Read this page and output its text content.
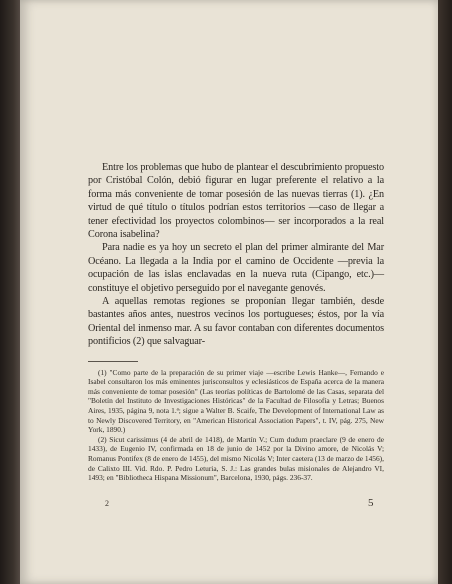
Entre los problemas que hubo de plantear el descubrimiento propuesto por Cristóbal Colón, debió figurar en lugar preferente el relativo a la forma más conveniente de tomar posesión de las nuevas tierras (1). ¿En virtud de qué título o títulos podrían estos territorios —caso de llegar a tener efectividad los proyectos colombinos— ser incorporados a la real Corona isabelina?

Para nadie es ya hoy un secreto el plan del primer almirante del Mar Océano. La llegada a la India por el camino de Occidente —previa la ocupación de las islas enclavadas en la nueva ruta (Cipango, etc.)— constituye el objetivo perseguido por el navegante genovés.

A aquellas remotas regiones se proponían llegar también, desde bastantes años antes, nuestros vecinos los portugueses; éstos, por la vía Oriental del inmenso mar. A su favor contaban con diferentes documentos pontificios (2) que salvaguar-

(1) "Como parte de la preparación de su primer viaje —escribe Lewis Hanke—, Fernando e Isabel consultaron los más eminentes jurisconsultos y eclesiásticos de España acerca de la manera más conveniente de tomar posesión" (Las teorías políticas de Bartolomé de las Casas, separata del "Boletín del Instituto de Investigaciones Históricas" de la Facultad de Filosofía y Letras; Buenos Aires, 1935, página 9, nota 1.ª; sigue a Walter B. Scaife, The Development of International Law as to Newly Discovered Territory, en "American Historical Association Papers", t. IV, pág. 275, New York, 1890.)

(2) Sicut carissimus (4 de abril de 1418), de Martín V.; Cum dudum praeclare (9 de enero de 1433), de Eugenio IV, confirmada en 18 de junio de 1452 por la Divino amore, de Nicolás V; Romanus Pontifex (8 de enero de 1455), del mismo Nicolás V; Inter caetera (13 de marzo de 1456), de Calixto III. Vid. Rdo. P. Pedro Leturia, S. J.: Las grandes bulas misionales de Alejandro VI, 1493; en "Bibliotheca Hispana Missionum", Barcelona, 1930, págs. 236-37.

2	5
